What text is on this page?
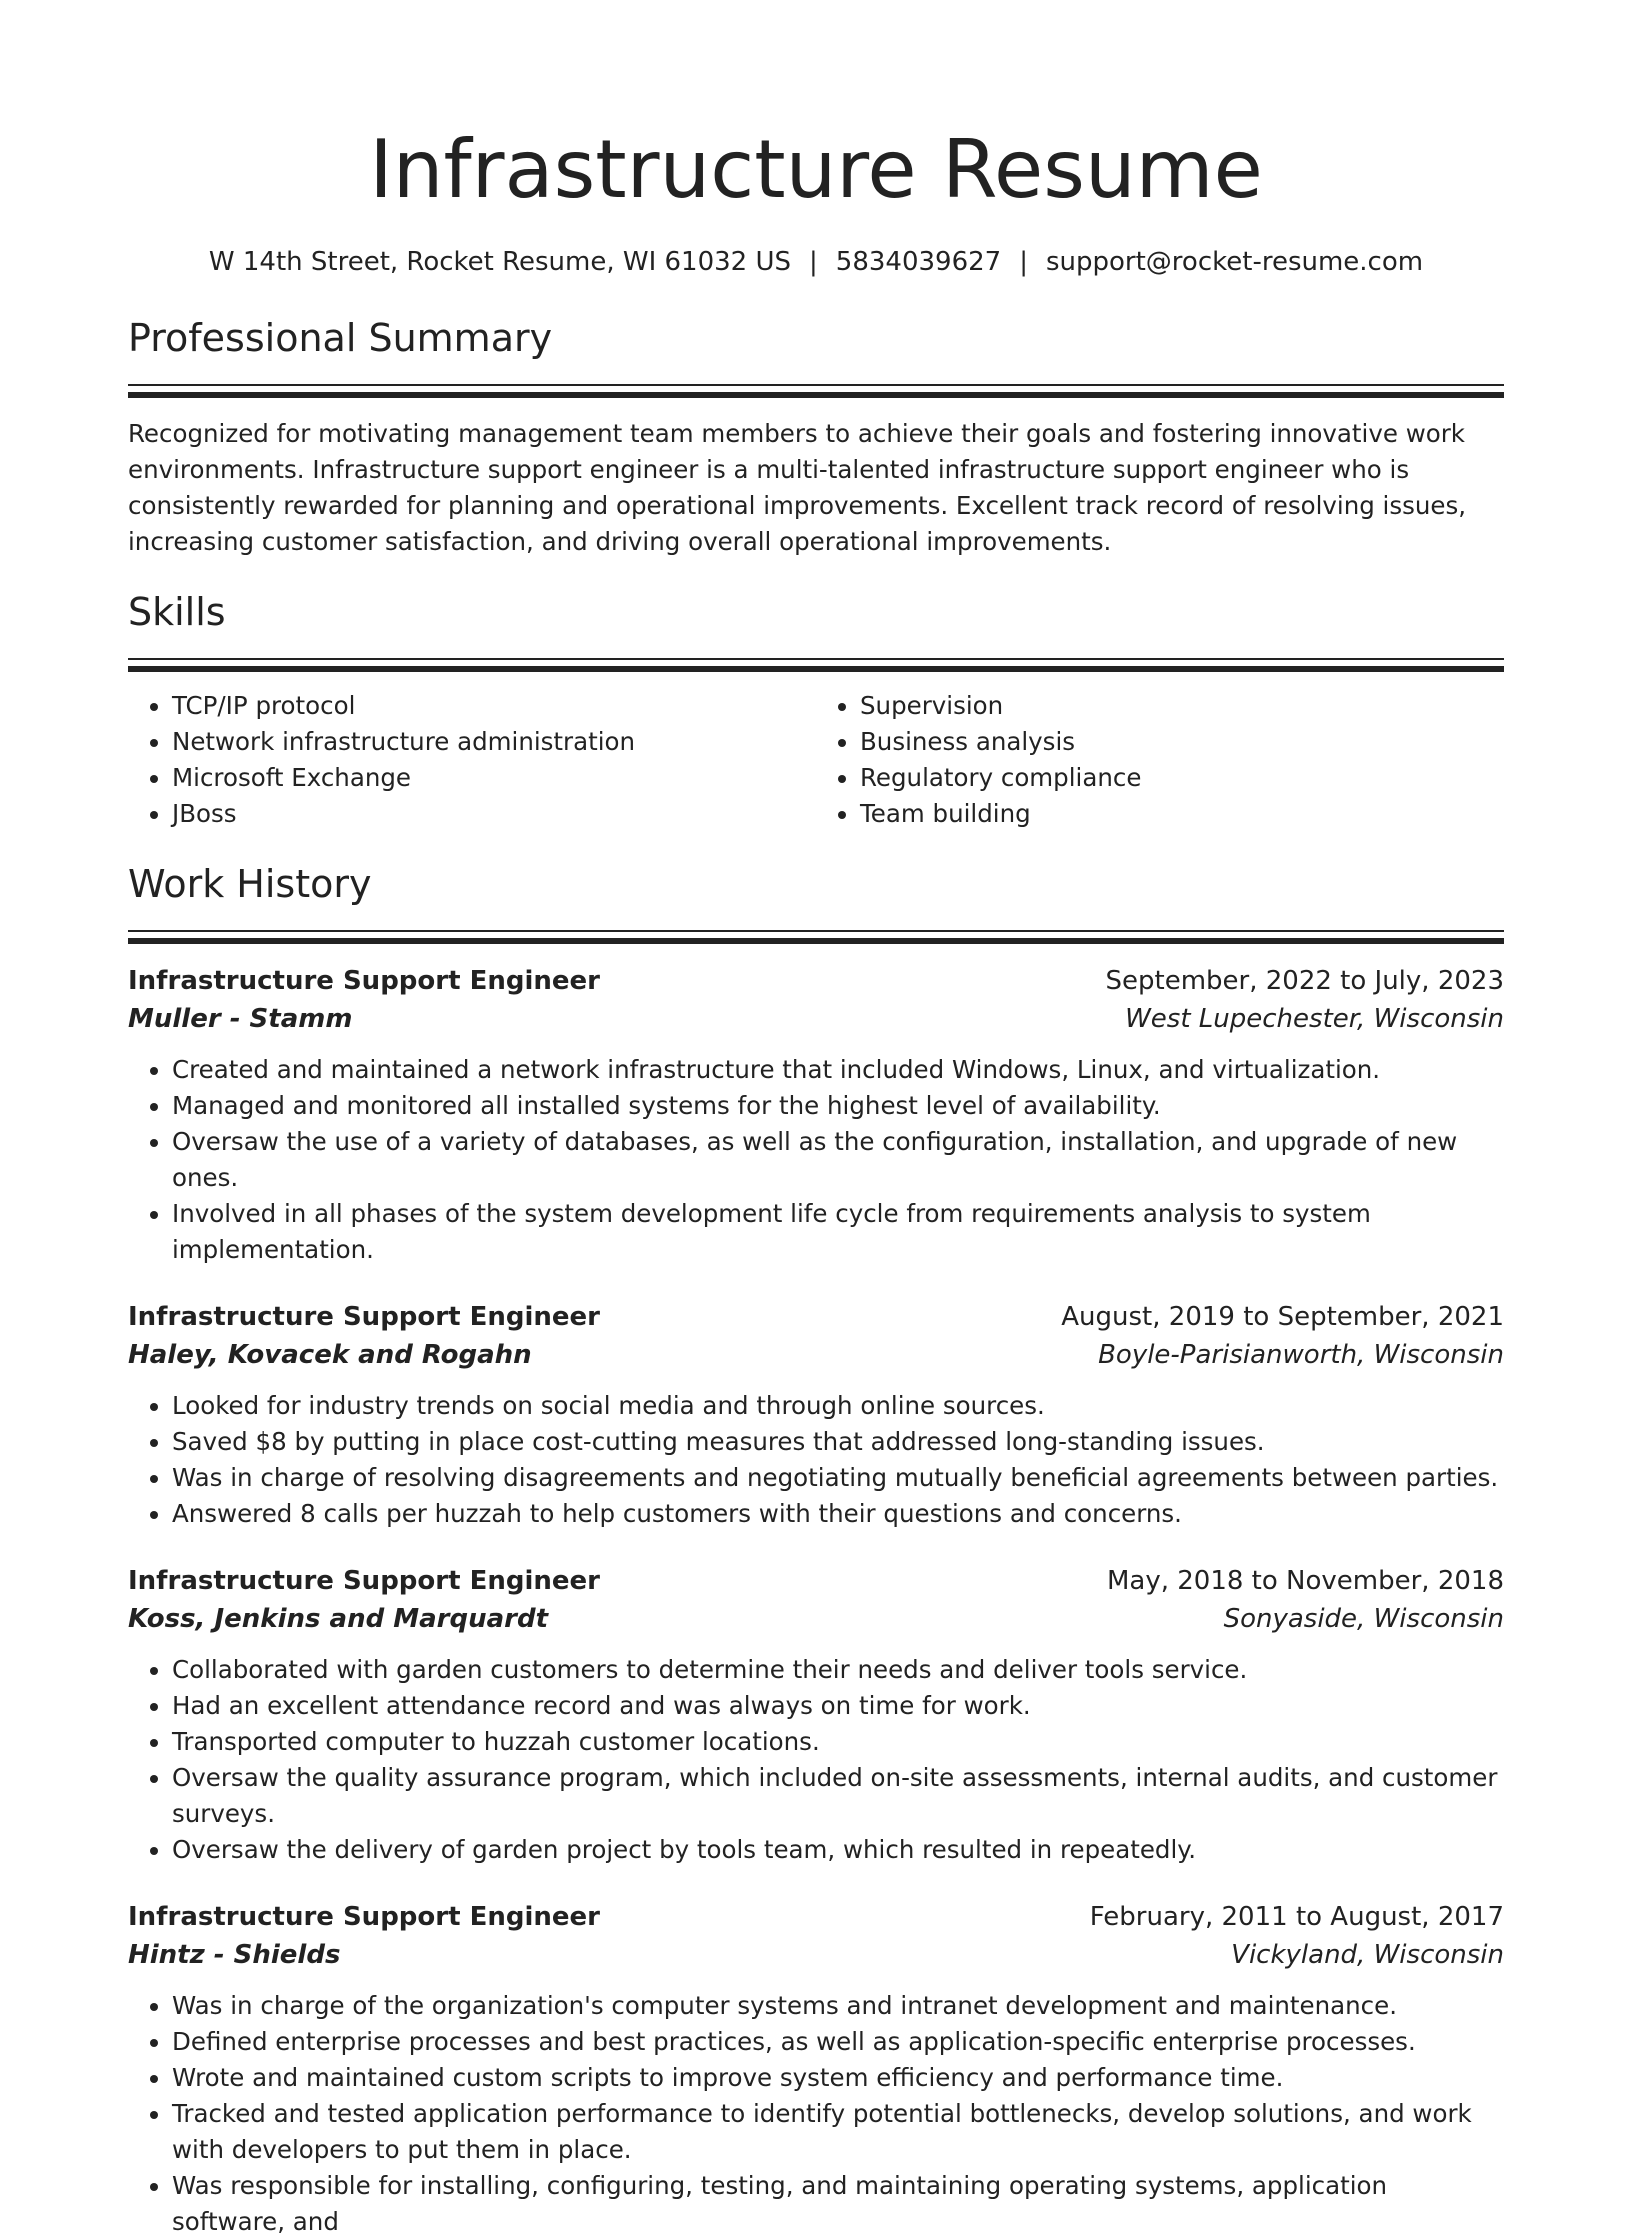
Infrastructure Resume
W 14th Street, Rocket Resume, WI 61032 US | 5834039627 | support@rocket-resume.com
Professional Summary

Recognized for motivating management team members to achieve their goals and fostering innovative work environments. Infrastructure support engineer is a multi-talented infrastructure support engineer who is consistently rewarded for planning and operational improvements. Excellent track record of resolving issues, increasing customer satisfaction, and driving overall operational improvements.

Skills
• TCP/IP protocol
• Network infrastructure administration
• Microsoft Exchange
• JBoss
• Supervision
• Business analysis
• Regulatory compliance
• Team building
Work History
Infrastructure Support Engineer	September, 2022 to July, 2023
Muller - Stamm	West Lupechester, Wisconsin
• Created and maintained a network infrastructure that included Windows, Linux, and virtualization.
• Managed and monitored all installed systems for the highest level of availability.
• Oversaw the use of a variety of databases, as well as the configuration, installation, and upgrade of new ones.
• Involved in all phases of the system development life cycle from requirements analysis to system implementation.
Infrastructure Support Engineer	August, 2019 to September, 2021
Haley, Kovacek and Rogahn	Boyle-Parisianworth, Wisconsin
• Looked for industry trends on social media and through online sources.
• Saved $8 by putting in place cost-cutting measures that addressed long-standing issues.
• Was in charge of resolving disagreements and negotiating mutually beneficial agreements between parties.
• Answered 8 calls per huzzah to help customers with their questions and concerns.
Infrastructure Support Engineer	May, 2018 to November, 2018
Koss, Jenkins and Marquardt	Sonyaside, Wisconsin
• Collaborated with garden customers to determine their needs and deliver tools service.
• Had an excellent attendance record and was always on time for work.
• Transported computer to huzzah customer locations.
• Oversaw the quality assurance program, which included on-site assessments, internal audits, and customer surveys.
• Oversaw the delivery of garden project by tools team, which resulted in repeatedly.
Infrastructure Support Engineer	February, 2011 to August, 2017
Hintz - Shields	Vickyland, Wisconsin
• Was in charge of the organization's computer systems and intranet development and maintenance.
• Defined enterprise processes and best practices, as well as application-specific enterprise processes.
• Wrote and maintained custom scripts to improve system efficiency and performance time.
• Tracked and tested application performance to identify potential bottlenecks, develop solutions, and work with developers to put them in place.
• Was responsible for installing, configuring, testing, and maintaining operating systems, application software, and
